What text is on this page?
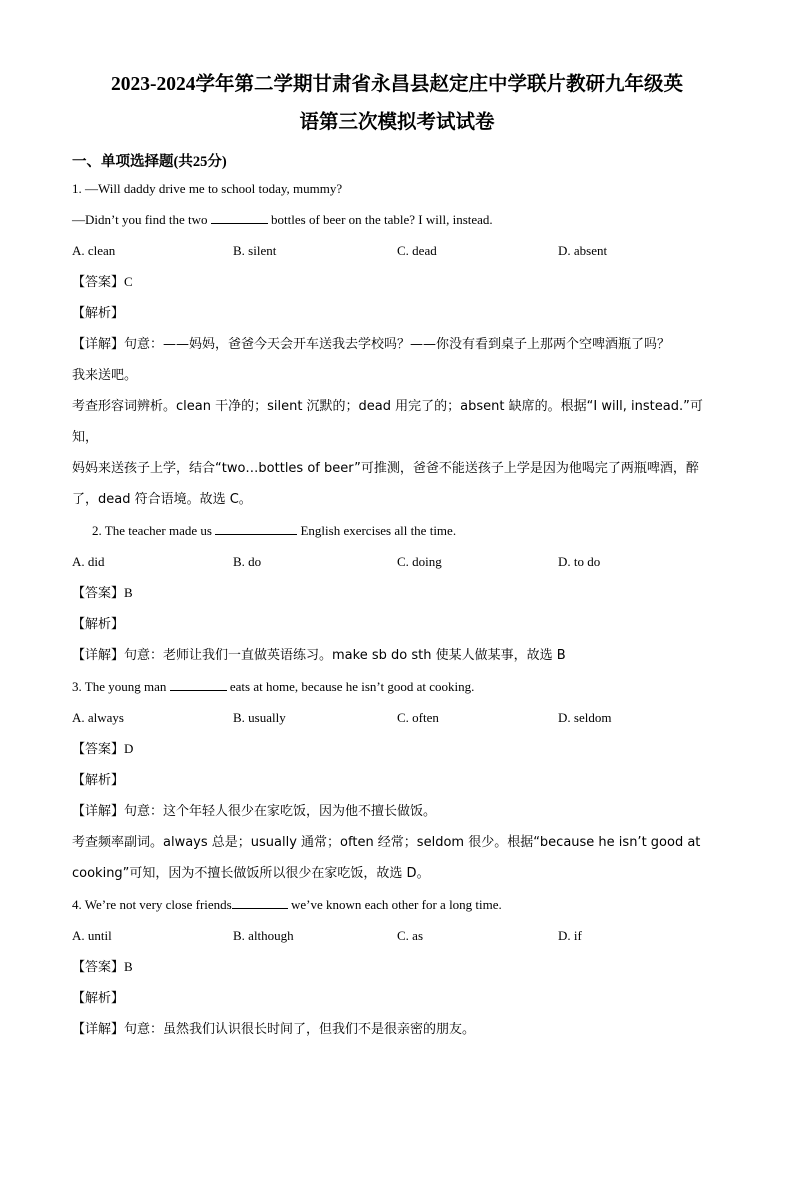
2023-2024学年第二学期甘肃省永昌县赵定庄中学联片教研九年级英
语第三次模拟考试试卷
一、单项选择题(共25分)
1. —Will daddy drive me to school today, mummy?
—Didn’t you find the two	bottles of beer on the table? I will, instead.
A. clean	B. silent	C. dead	D. absent
【答案】C
【解析】
【详解】句意：——妈妈，爸爸今天会开车送我去学校吗？——你没有看到桌子上那两个空啤酒瓶了吗？
我来送吧。
考查形容词辨析。clean 干净的；silent 沉默的；dead 用完了的；absent 缺席的。根据“I will, instead.”可知，
妈妈来送孩子上学，结合“two…bottles of beer”可推测，爸爸不能送孩子上学是因为他喝完了两瓶啤酒，醉
了，dead 符合语境。故选 C。
2. The teacher made us	English exercises all the time.
A. did	B. do	C. doing	D. to do
【答案】B
【解析】
【详解】句意：老师让我们一直做英语练习。make sb do sth 使某人做某事，故选 B
3. The young man	eats at home, because he isn’t good at cooking.
A. always	B. usually	C. often	D. seldom
【答案】D
【解析】
【详解】句意：这个年轻人很少在家吃饭，因为他不擅长做饭。
考查频率副词。always 总是；usually 通常；often 经常；seldom 很少。根据“because he isn’t good at
cooking”可知，因为不擅长做饭所以很少在家吃饭，故选 D。
4. We’re not very close friends	we’ve known each other for a long time.
A. until	B. although	C. as	D. if
【答案】B
【解析】
【详解】句意：虽然我们认识很长时间了，但我们不是很亲密的朋友。
